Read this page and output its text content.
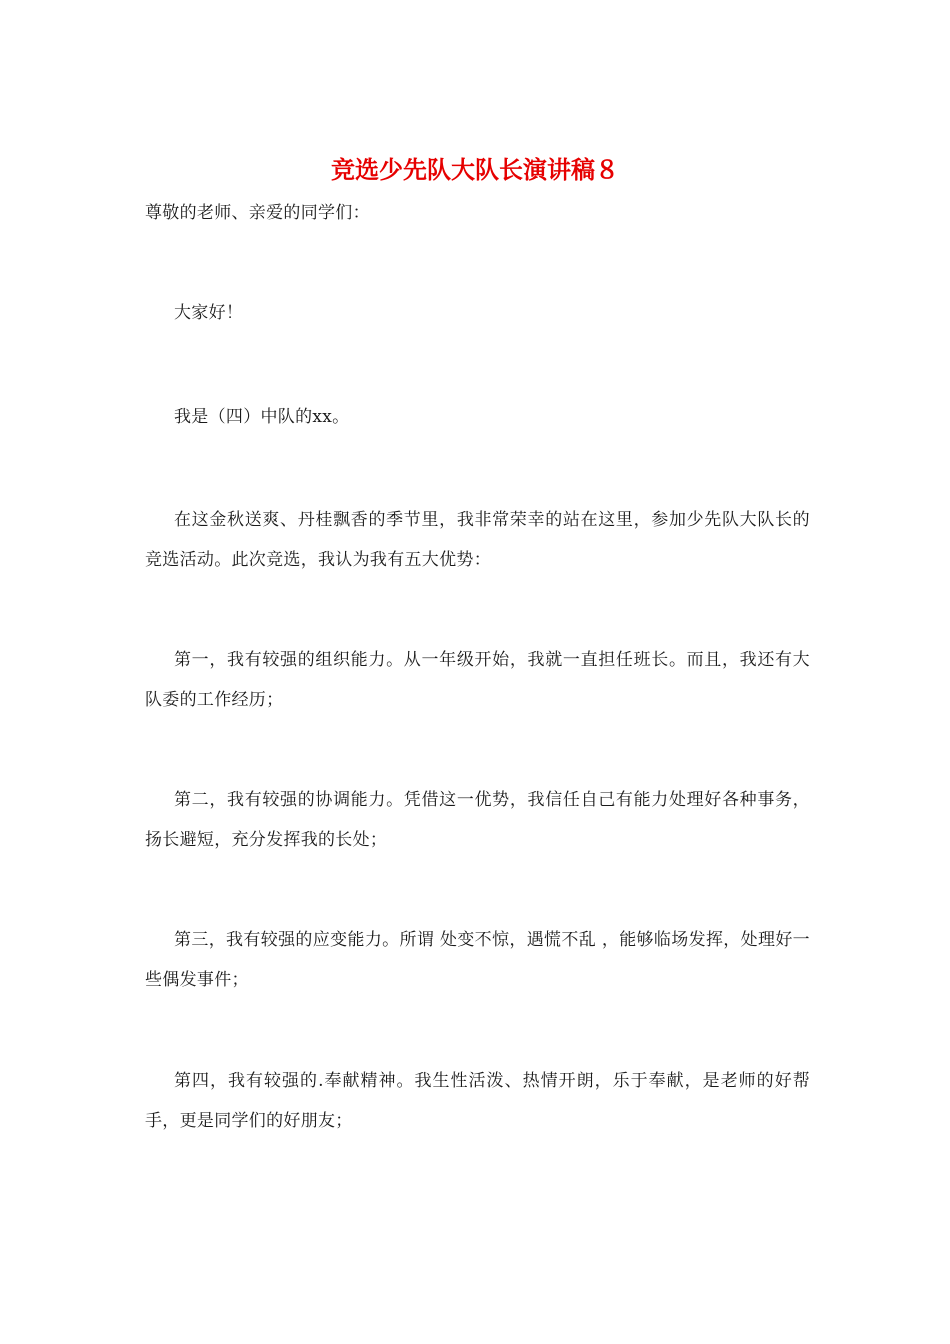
竞选少先队大队长演讲稿８

尊敬的老师、亲爱的同学们：

大家好！

我是（四）中队的xx。

在这金秋送爽、丹桂飘香的季节里，我非常荣幸的站在这里，参加少先队大队长的竞选活动。此次竞选，我认为我有五大优势：

第一，我有较强的组织能力。从一年级开始，我就一直担任班长。而且，我还有大队委的工作经历；

第二，我有较强的协调能力。凭借这一优势，我信任自己有能力处理好各种事务，扬长避短，充分发挥我的长处；

第三，我有较强的应变能力。所谓 处变不惊，遇慌不乱 ，能够临场发挥，处理好一些偶发事件；

第四，我有较强的.奉献精神。我生性活泼、热情开朗，乐于奉献，是老师的好帮手，更是同学们的好朋友；
